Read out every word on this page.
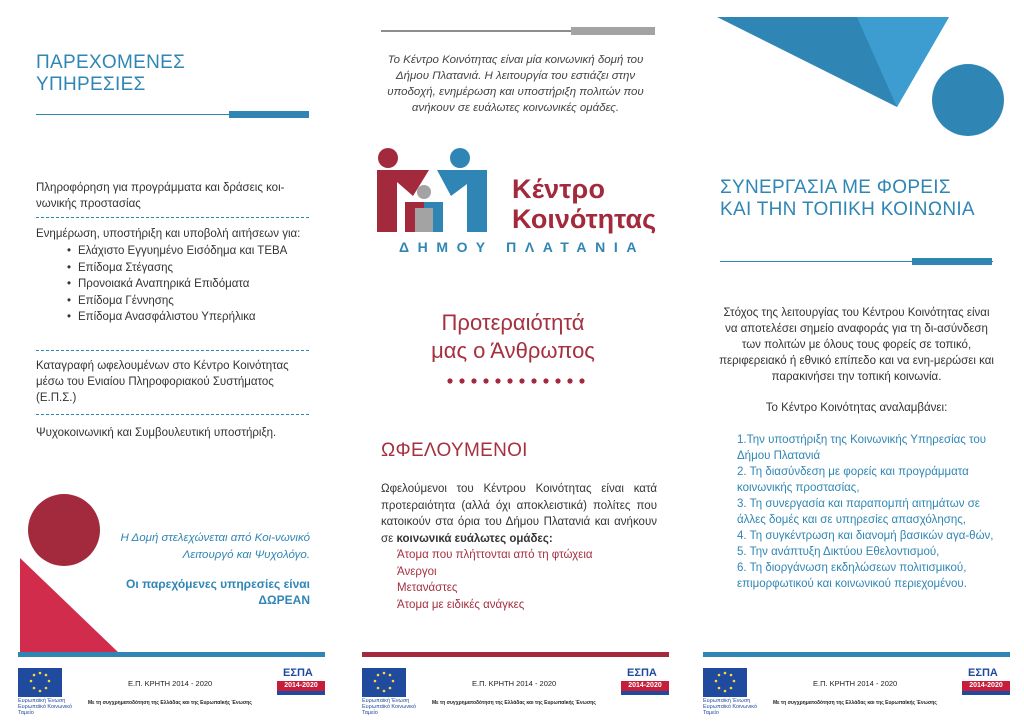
ΠΑΡΕΧΟΜΕΝΕΣ ΥΠΗΡΕΣΙΕΣ
Πληροφόρηση για προγράμματα και δράσεις κοι-νωνικής προστασίας
Ενημέρωση, υποστήριξη και υποβολή αιτήσεων για:
• Ελάχιστο Εγγυημένο Εισόδημα και ΤΕΒΑ
• Επίδομα Στέγασης
• Προνοιακά Αναπηρικά Επιδόματα
• Επίδομα Γέννησης
• Επίδομα Ανασφάλιστου Υπερήλικα
Καταγραφή ωφελουμένων στο Κέντρο Κοινότητας μέσω του Ενιαίου Πληροφοριακού Συστήματος (Ε.Π.Σ.)
Ψυχοκοινωνική και Συμβουλευτική υποστήριξη.
Η Δομή στελεχώνεται από Κοι-νωνικό Λειτουργό και Ψυχολόγο.
Οι παρεχόμενες υπηρεσίες είναι ΔΩΡΕΑΝ
Το Κέντρο Κοινότητας είναι μία κοινωνική δομή του Δήμου Πλατανιά. Η λειτουργία του εστιάζει στην υποδοχή, ενημέρωση και υποστήριξη πολιτών που ανήκουν σε ευάλωτες κοινωνικές ομάδες.
Κέντρο
Κοινότητας
ΔΗΜΟΥ ΠΛΑΤΑΝΙΑ
Προτεραιότητά
μας ο Άνθρωπος
ΩΦΕΛΟΥΜΕΝΟΙ
Ωφελούμενοι του Κέντρου Κοινότητας είναι κατά προτεραιότητα (αλλά όχι αποκλειστικά) πολίτες που κατοικούν στα όρια του Δήμου Πλατανιά και ανήκουν σε κοινωνικά ευάλωτες ομάδες:
Άτομα που πλήττονται από τη φτώχεια
Άνεργοι
Μετανάστες
Άτομα με ειδικές ανάγκες
ΣΥΝΕΡΓΑΣΙΑ ΜΕ ΦΟΡΕΙΣ ΚΑΙ ΤΗΝ ΤΟΠΙΚΗ ΚΟΙΝΩΝΙΑ
Στόχος της λειτουργίας του Κέντρου Κοινότητας είναι να αποτελέσει σημείο αναφοράς για τη δι-ασύνδεση των πολιτών με όλους τους φορείς σε τοπικό, περιφερειακό ή εθνικό επίπεδο και να ενη-μερώσει και παρακινήσει την τοπική κοινωνία.
Το Κέντρο Κοινότητας αναλαμβάνει:
1.Την υποστήριξη της Κοινωνικής Υπηρεσίας του Δήμου Πλατανιά
2. Τη διασύνδεση με φορείς και προγράμματα κοινωνικής προστασίας,
3. Τη συνεργασία και παραπομπή αιτημάτων σε άλλες δομές και σε υπηρεσίες απασχόλησης,
4. Τη συγκέντρωση και διανομή βασικών αγα-θών,
5. Την ανάπτυξη Δικτύου Εθελοντισμού,
6. Τη διοργάνωση εκδηλώσεων πολιτισμικού, επιμορφωτικού και κοινωνικού περιεχομένου.
Ευρωπαϊκή Ένωση
Ευρωπαϊκό Κοινωνικό Ταμείο
Ε.Π. ΚΡΗΤΗ 2014 - 2020
Με τη συγχρηματοδότηση της Ελλάδας και της Ευρωπαϊκής Ένωσης
ΕΣΠΑ
2014-2020
Ευρωπαϊκή Ένωση
Ευρωπαϊκό Κοινωνικό Ταμείο
Ε.Π. ΚΡΗΤΗ 2014 - 2020
Με τη συγχρηματοδότηση της Ελλάδας και της Ευρωπαϊκής Ένωσης
ΕΣΠΑ
2014-2020
Ευρωπαϊκή Ένωση
Ευρωπαϊκό Κοινωνικό Ταμείο
Ε.Π. ΚΡΗΤΗ 2014 - 2020
Με τη συγχρηματοδότηση της Ελλάδας και της Ευρωπαϊκής Ένωσης
ΕΣΠΑ
2014-2020
